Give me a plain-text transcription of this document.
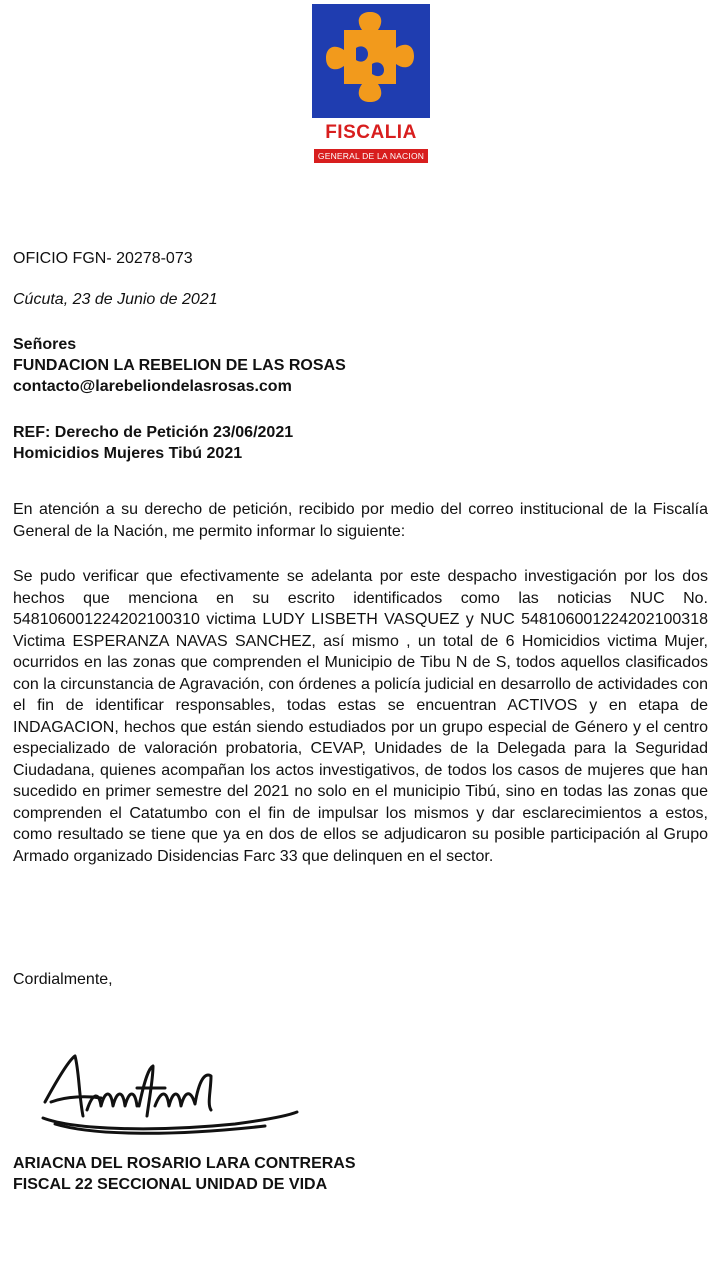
FISCALIA
GENERAL DE LA NACION
OFICIO FGN- 20278-073
Cúcuta, 23 de Junio de 2021
Señores
FUNDACION LA REBELION DE LAS ROSAS
contacto@larebeliondelasrosas.com
REF: Derecho de Petición 23/06/2021
Homicidios Mujeres Tibú 2021
En atención a su derecho de petición, recibido por medio del correo institucional de la Fiscalía General de la Nación, me permito informar lo siguiente:
Se pudo verificar que efectivamente se adelanta por este despacho investigación por los dos hechos que menciona en su escrito identificados como las noticias NUC No. 548106001224202100310 victima LUDY LISBETH VASQUEZ y NUC 548106001224202100318 Victima ESPERANZA NAVAS SANCHEZ, así mismo , un total de 6 Homicidios victima Mujer, ocurridos en las zonas que comprenden el Municipio de Tibu N de S, todos aquellos clasificados con la circunstancia de Agravación, con órdenes a policía judicial en desarrollo de actividades con el fin de identificar responsables, todas estas se encuentran ACTIVOS y en etapa de INDAGACION, hechos que están siendo estudiados por un grupo especial de Género y el centro especializado de valoración probatoria, CEVAP, Unidades de la Delegada para la Seguridad Ciudadana, quienes acompañan los actos investigativos, de todos los casos de mujeres que han sucedido en primer semestre del 2021 no solo en el municipio Tibú, sino en todas las zonas que comprenden el Catatumbo con el fin de impulsar los mismos y dar esclarecimientos a estos, como resultado se tiene que ya en dos de ellos se adjudicaron su posible participación al Grupo Armado organizado Disidencias Farc 33 que delinquen en el sector.
Cordialmente,
ARIACNA DEL ROSARIO LARA CONTRERAS
FISCAL 22 SECCIONAL UNIDAD DE VIDA
